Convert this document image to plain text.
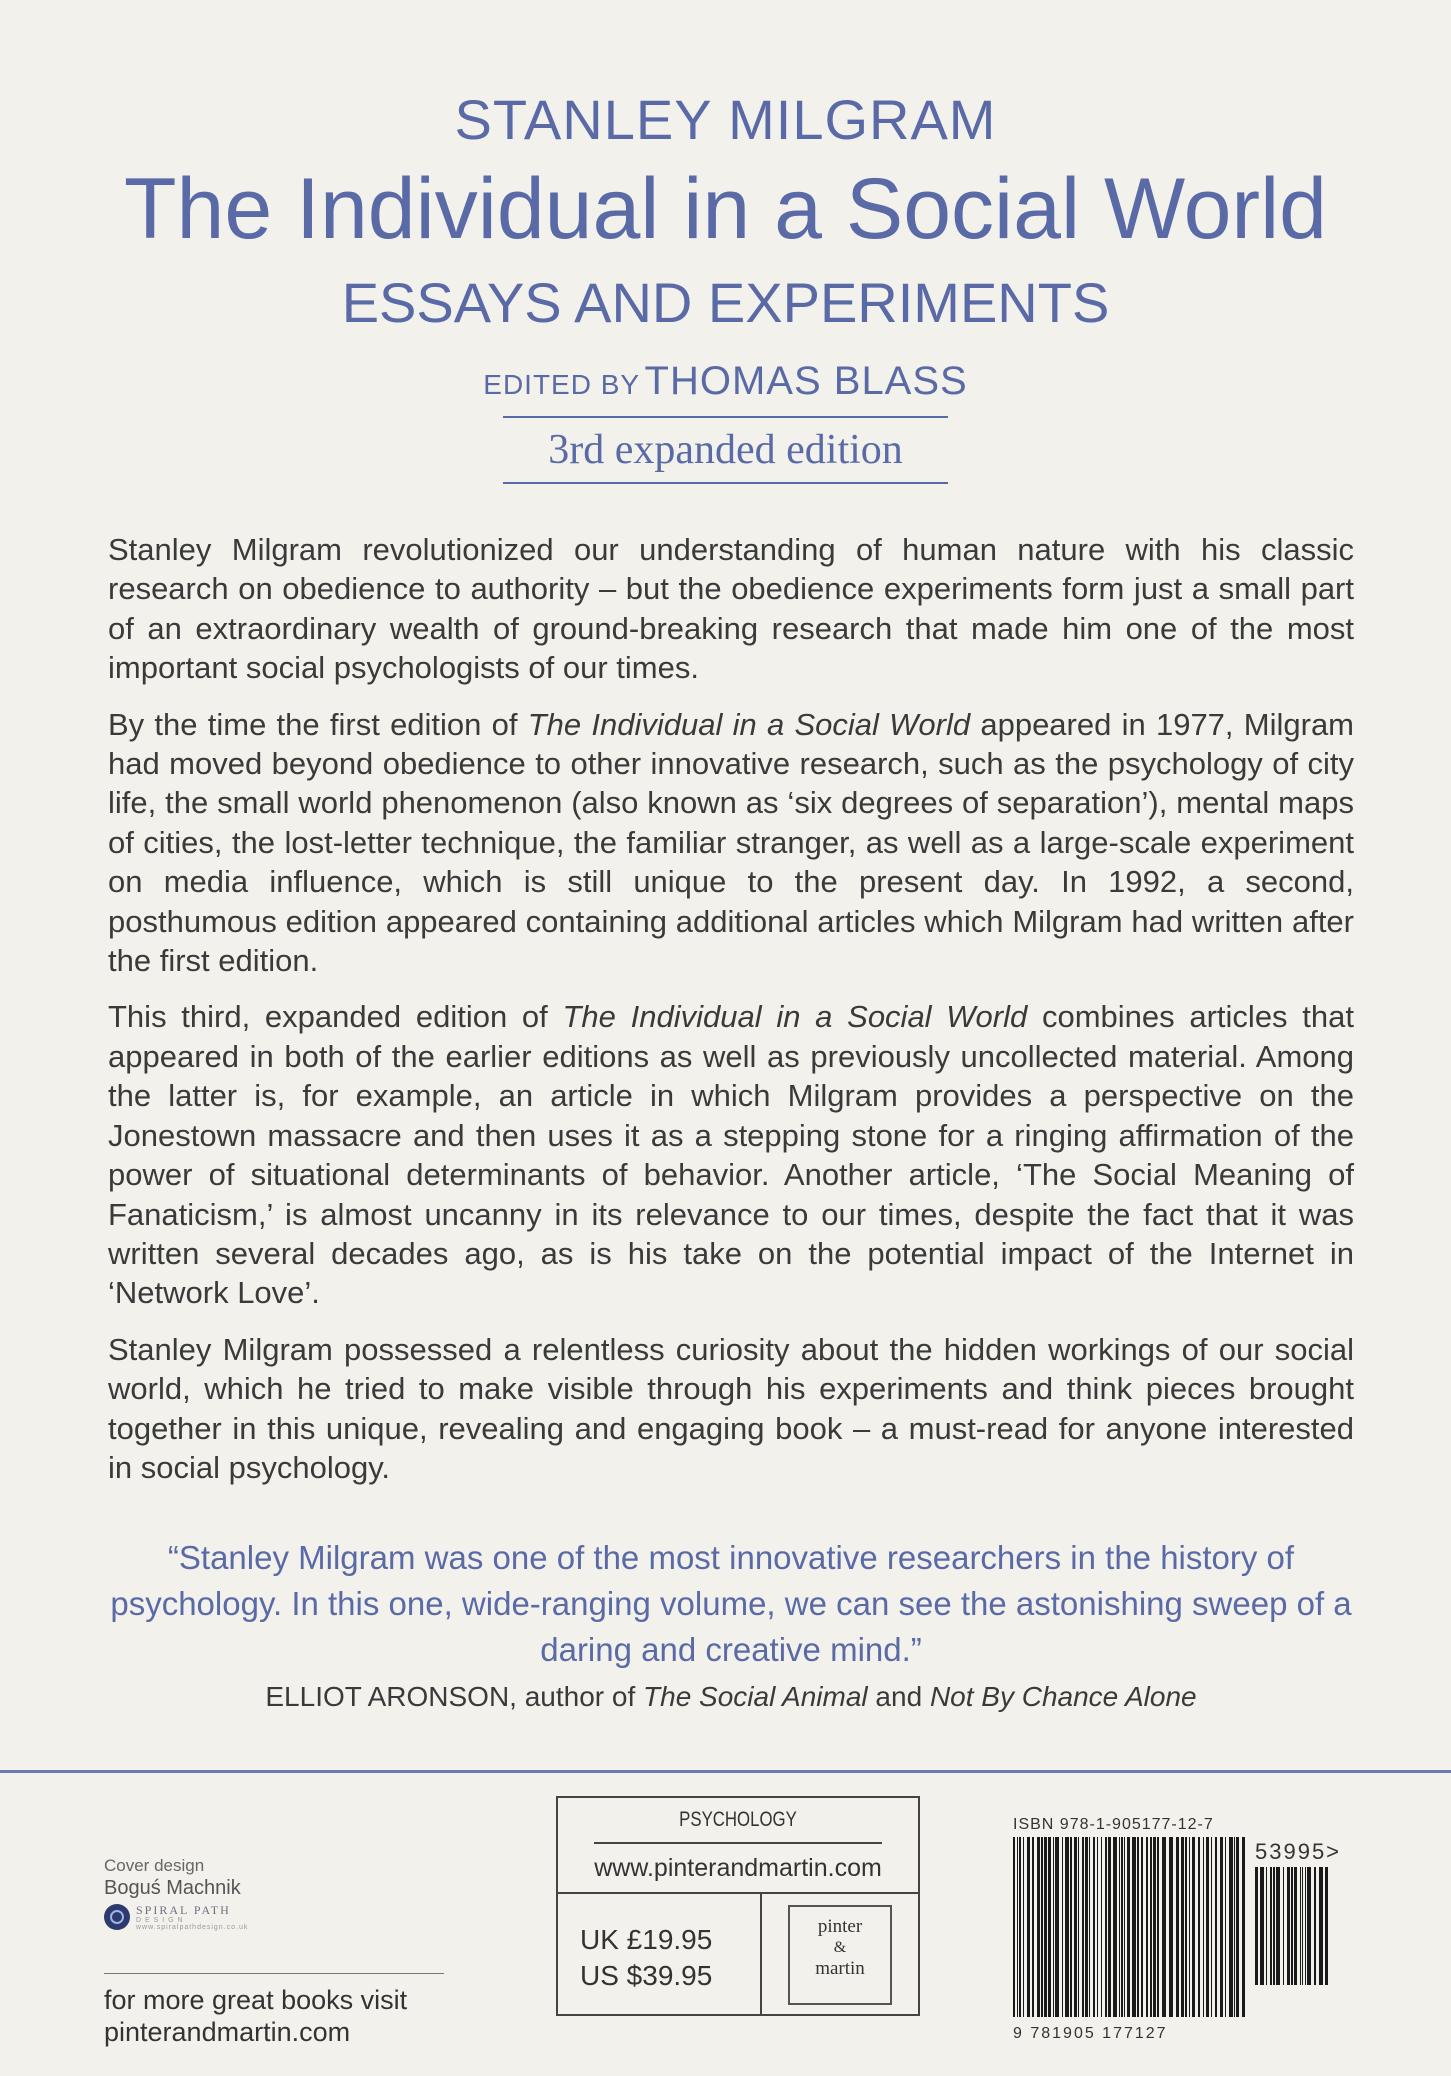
STANLEY MILGRAM
The Individual in a Social World
ESSAYS AND EXPERIMENTS
EDITED BY THOMAS BLASS
3rd expanded edition

Stanley Milgram revolutionized our understanding of human nature with his classic research on obedience to authority – but the obedience experiments form just a small part of an extraordinary wealth of ground-breaking research that made him one of the most important social psychologists of our times.

By the time the first edition of The Individual in a Social World appeared in 1977, Milgram had moved beyond obedience to other innovative research, such as the psychology of city life, the small world phenomenon (also known as ‘six degrees of separation’), mental maps of cities, the lost-letter technique, the familiar stranger, as well as a large-scale experiment on media influence, which is still unique to the present day. In 1992, a second, posthumous edition appeared containing additional articles which Milgram had written after the first edition.

This third, expanded edition of The Individual in a Social World combines articles that appeared in both of the earlier editions as well as previously uncollected material. Among the latter is, for example, an article in which Milgram provides a perspective on the Jonestown massacre and then uses it as a stepping stone for a ringing affirmation of the power of situational determinants of behavior. Another article, ‘The Social Meaning of Fanaticism,’ is almost uncanny in its relevance to our times, despite the fact that it was written several decades ago, as is his take on the potential impact of the Internet in ‘Network Love’.

Stanley Milgram possessed a relentless curiosity about the hidden workings of our social world, which he tried to make visible through his experiments and think pieces brought together in this unique, revealing and engaging book – a must-read for anyone interested in social psychology.

“Stanley Milgram was one of the most innovative researchers in the history of psychology. In this one, wide-ranging volume, we can see the astonishing sweep of a daring and creative mind.”
ELLIOT ARONSON, author of The Social Animal and Not By Chance Alone
Cover design
Boguś Machnik
SPIRAL PATH
D E S I G N
www.spiralpathdesign.co.uk
for more great books visit
pinterandmartin.com
PSYCHOLOGY
www.pinterandmartin.com
UK £19.95
US $39.95
pinter
&
martin
ISBN 978-1-905177-12-7
9 781905 177127
53995>
